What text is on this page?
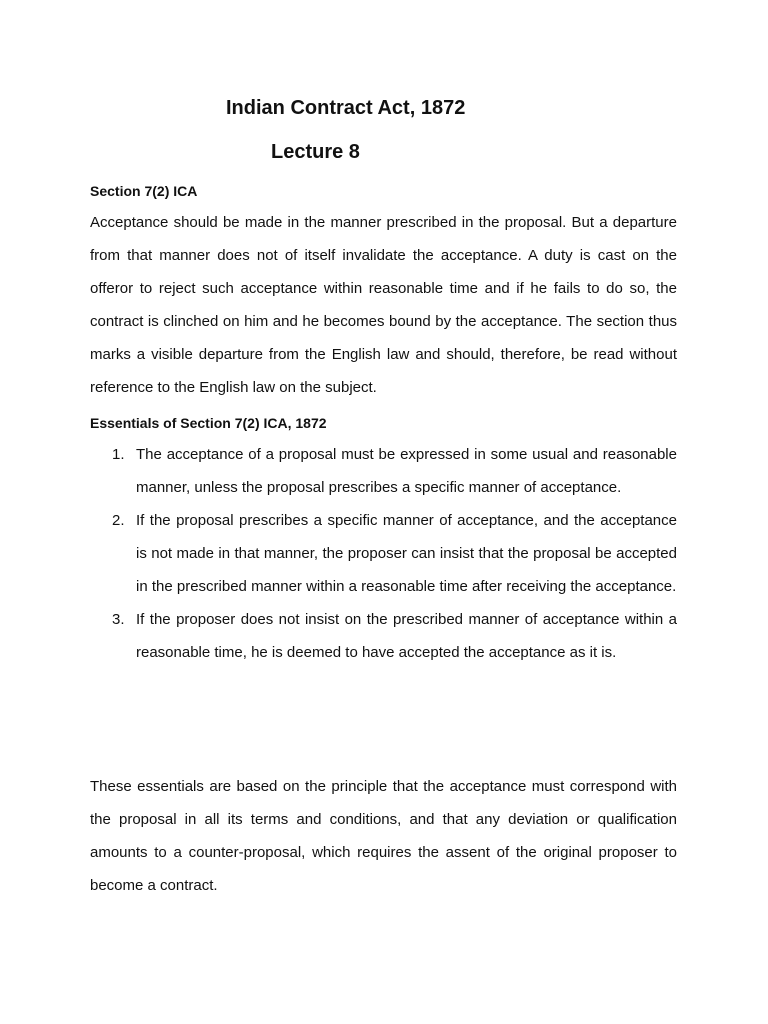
Indian Contract Act, 1872
Lecture 8
Section 7(2) ICA

Acceptance should be made in the manner prescribed in the proposal. But a departure from that manner does not of itself invalidate the acceptance. A duty is cast on the offeror to reject such acceptance within reasonable time and if he fails to do so, the contract is clinched on him and he becomes bound by the acceptance. The section thus marks a visible departure from the English law and should, therefore, be read without reference to the English law on the subject.

Essentials of Section 7(2) ICA, 1872
1. The acceptance of a proposal must be expressed in some usual and reasonable manner, unless the proposal prescribes a specific manner of acceptance.
2. If the proposal prescribes a specific manner of acceptance, and the acceptance is not made in that manner, the proposer can insist that the proposal be accepted in the prescribed manner within a reasonable time after receiving the acceptance.
3. If the proposer does not insist on the prescribed manner of acceptance within a reasonable time, he is deemed to have accepted the acceptance as it is.

These essentials are based on the principle that the acceptance must correspond with the proposal in all its terms and conditions, and that any deviation or qualification amounts to a counter-proposal, which requires the assent of the original proposer to become a contract.
